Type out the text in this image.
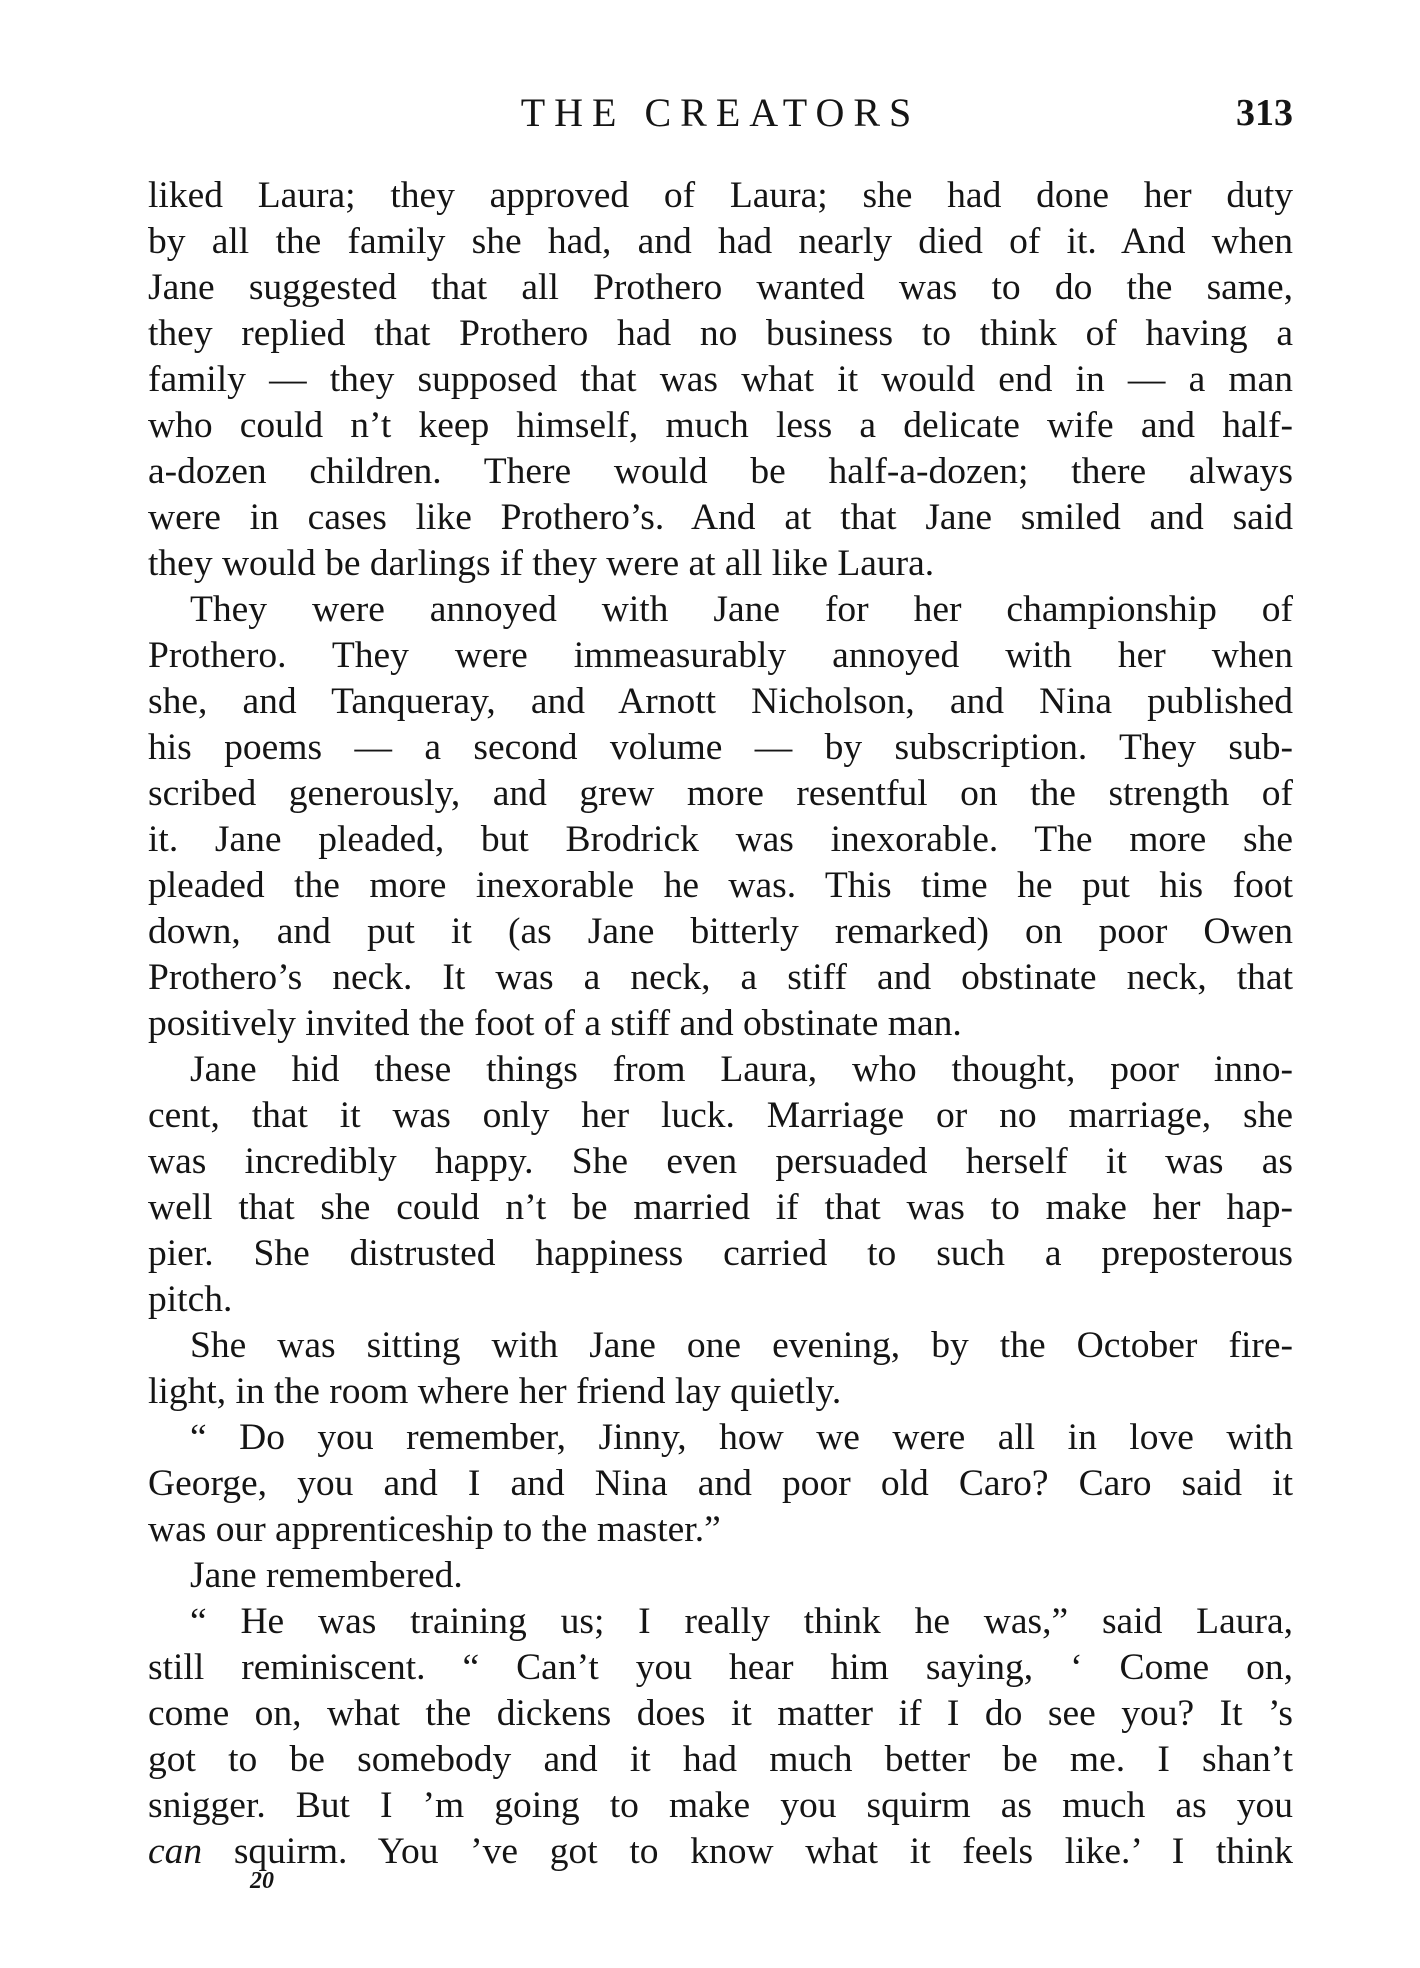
THE CREATORS	313
liked Laura; they approved of Laura; she had done her duty
by all the family she had, and had nearly died of it. And when
Jane suggested that all Prothero wanted was to do the same,
they replied that Prothero had no business to think of having a
family — they supposed that was what it would end in — a man
who could n’t keep himself, much less a delicate wife and half-
a-dozen children. There would be half-a-dozen; there always
were in cases like Prothero’s. And at that Jane smiled and said
they would be darlings if they were at all like Laura.
They were annoyed with Jane for her championship of
Prothero. They were immeasurably annoyed with her when
she, and Tanqueray, and Arnott Nicholson, and Nina published
his poems — a second volume — by subscription. They sub-
scribed generously, and grew more resentful on the strength of
it. Jane pleaded, but Brodrick was inexorable. The more she
pleaded the more inexorable he was. This time he put his foot
down, and put it (as Jane bitterly remarked) on poor Owen
Prothero’s neck. It was a neck, a stiff and obstinate neck, that
positively invited the foot of a stiff and obstinate man.
Jane hid these things from Laura, who thought, poor inno-
cent, that it was only her luck. Marriage or no marriage, she
was incredibly happy. She even persuaded herself it was as
well that she could n’t be married if that was to make her hap-
pier. She distrusted happiness carried to such a preposterous
pitch.
She was sitting with Jane one evening, by the October fire-
light, in the room where her friend lay quietly.
“ Do you remember, Jinny, how we were all in love with
George, you and I and Nina and poor old Caro? Caro said it
was our apprenticeship to the master.”
Jane remembered.
“ He was training us; I really think he was,” said Laura,
still reminiscent. “ Can’t you hear him saying, ‘ Come on,
come on, what the dickens does it matter if I do see you? It ’s
got to be somebody and it had much better be me. I shan’t
snigger. But I ’m going to make you squirm as much as you
can squirm. You ’ve got to know what it feels like.’ I think
20
